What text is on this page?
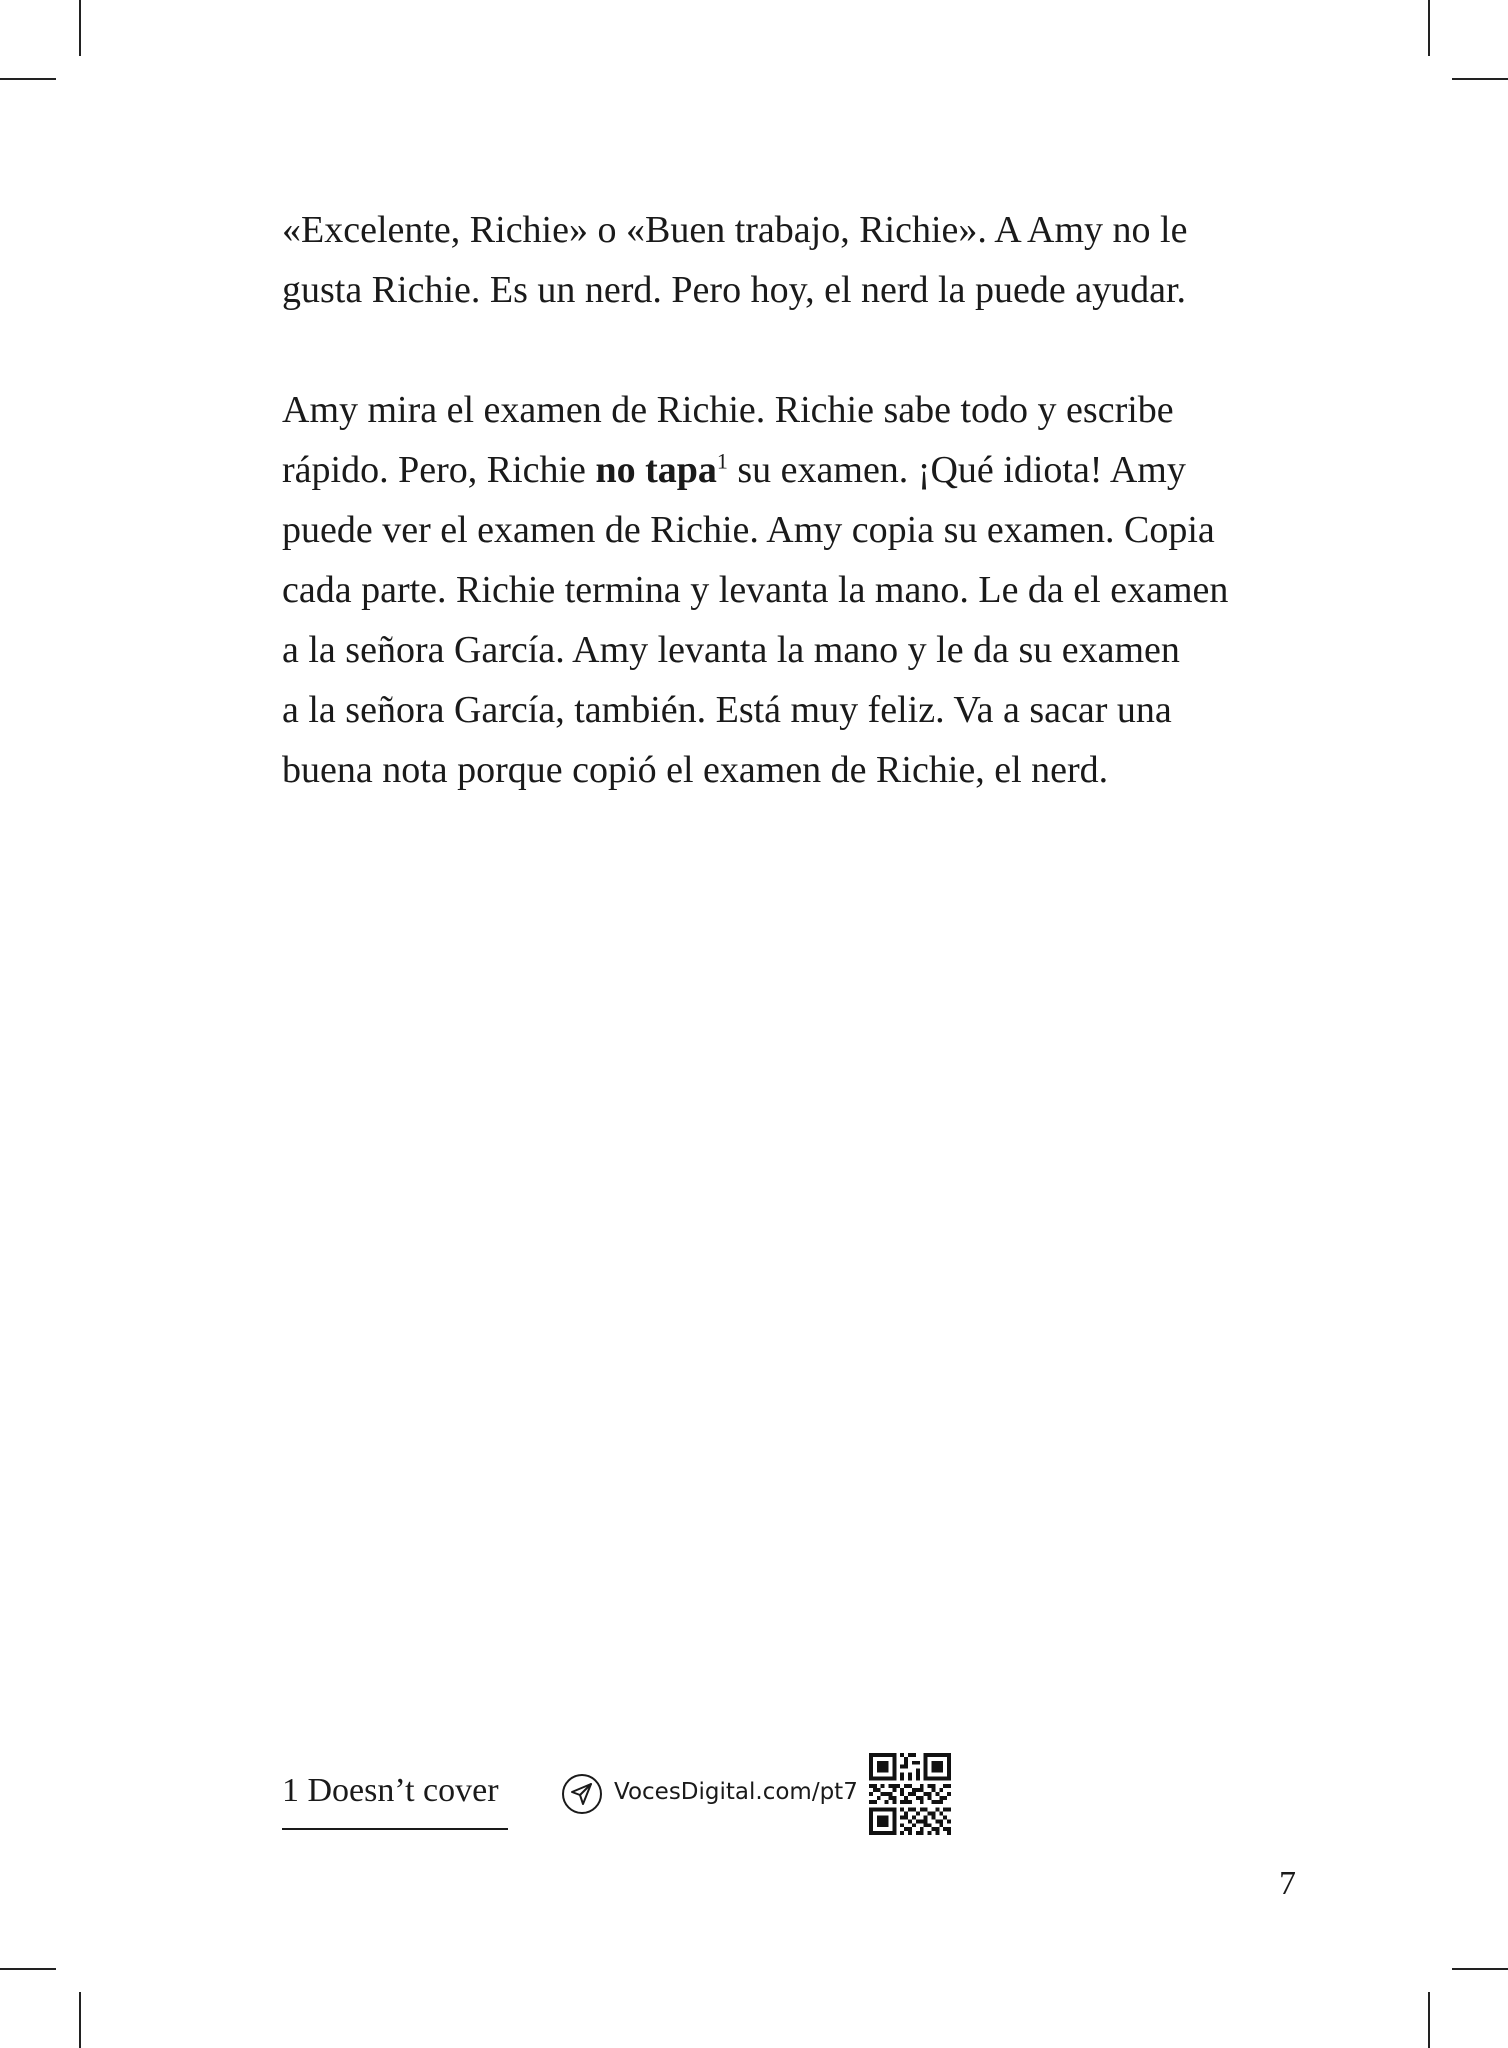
«Excelente, Richie» o «Buen trabajo, Richie». A Amy no le
gusta Richie. Es un nerd. Pero hoy, el nerd la puede ayudar.
Amy mira el examen de Richie. Richie sabe todo y escribe
rápido. Pero, Richie no tapa$^1$ su examen. ¡Qué idiota! Amy
puede ver el examen de Richie. Amy copia su examen. Copia
cada parte. Richie termina y levanta la mano. Le da el examen
a la señora García. Amy levanta la mano y le da su examen
a la señora García, también. Está muy feliz. Va a sacar una
buena nota porque copió el examen de Richie, el nerd.
1 Doesn’t cover	VocesDigital.com/pt7
7
